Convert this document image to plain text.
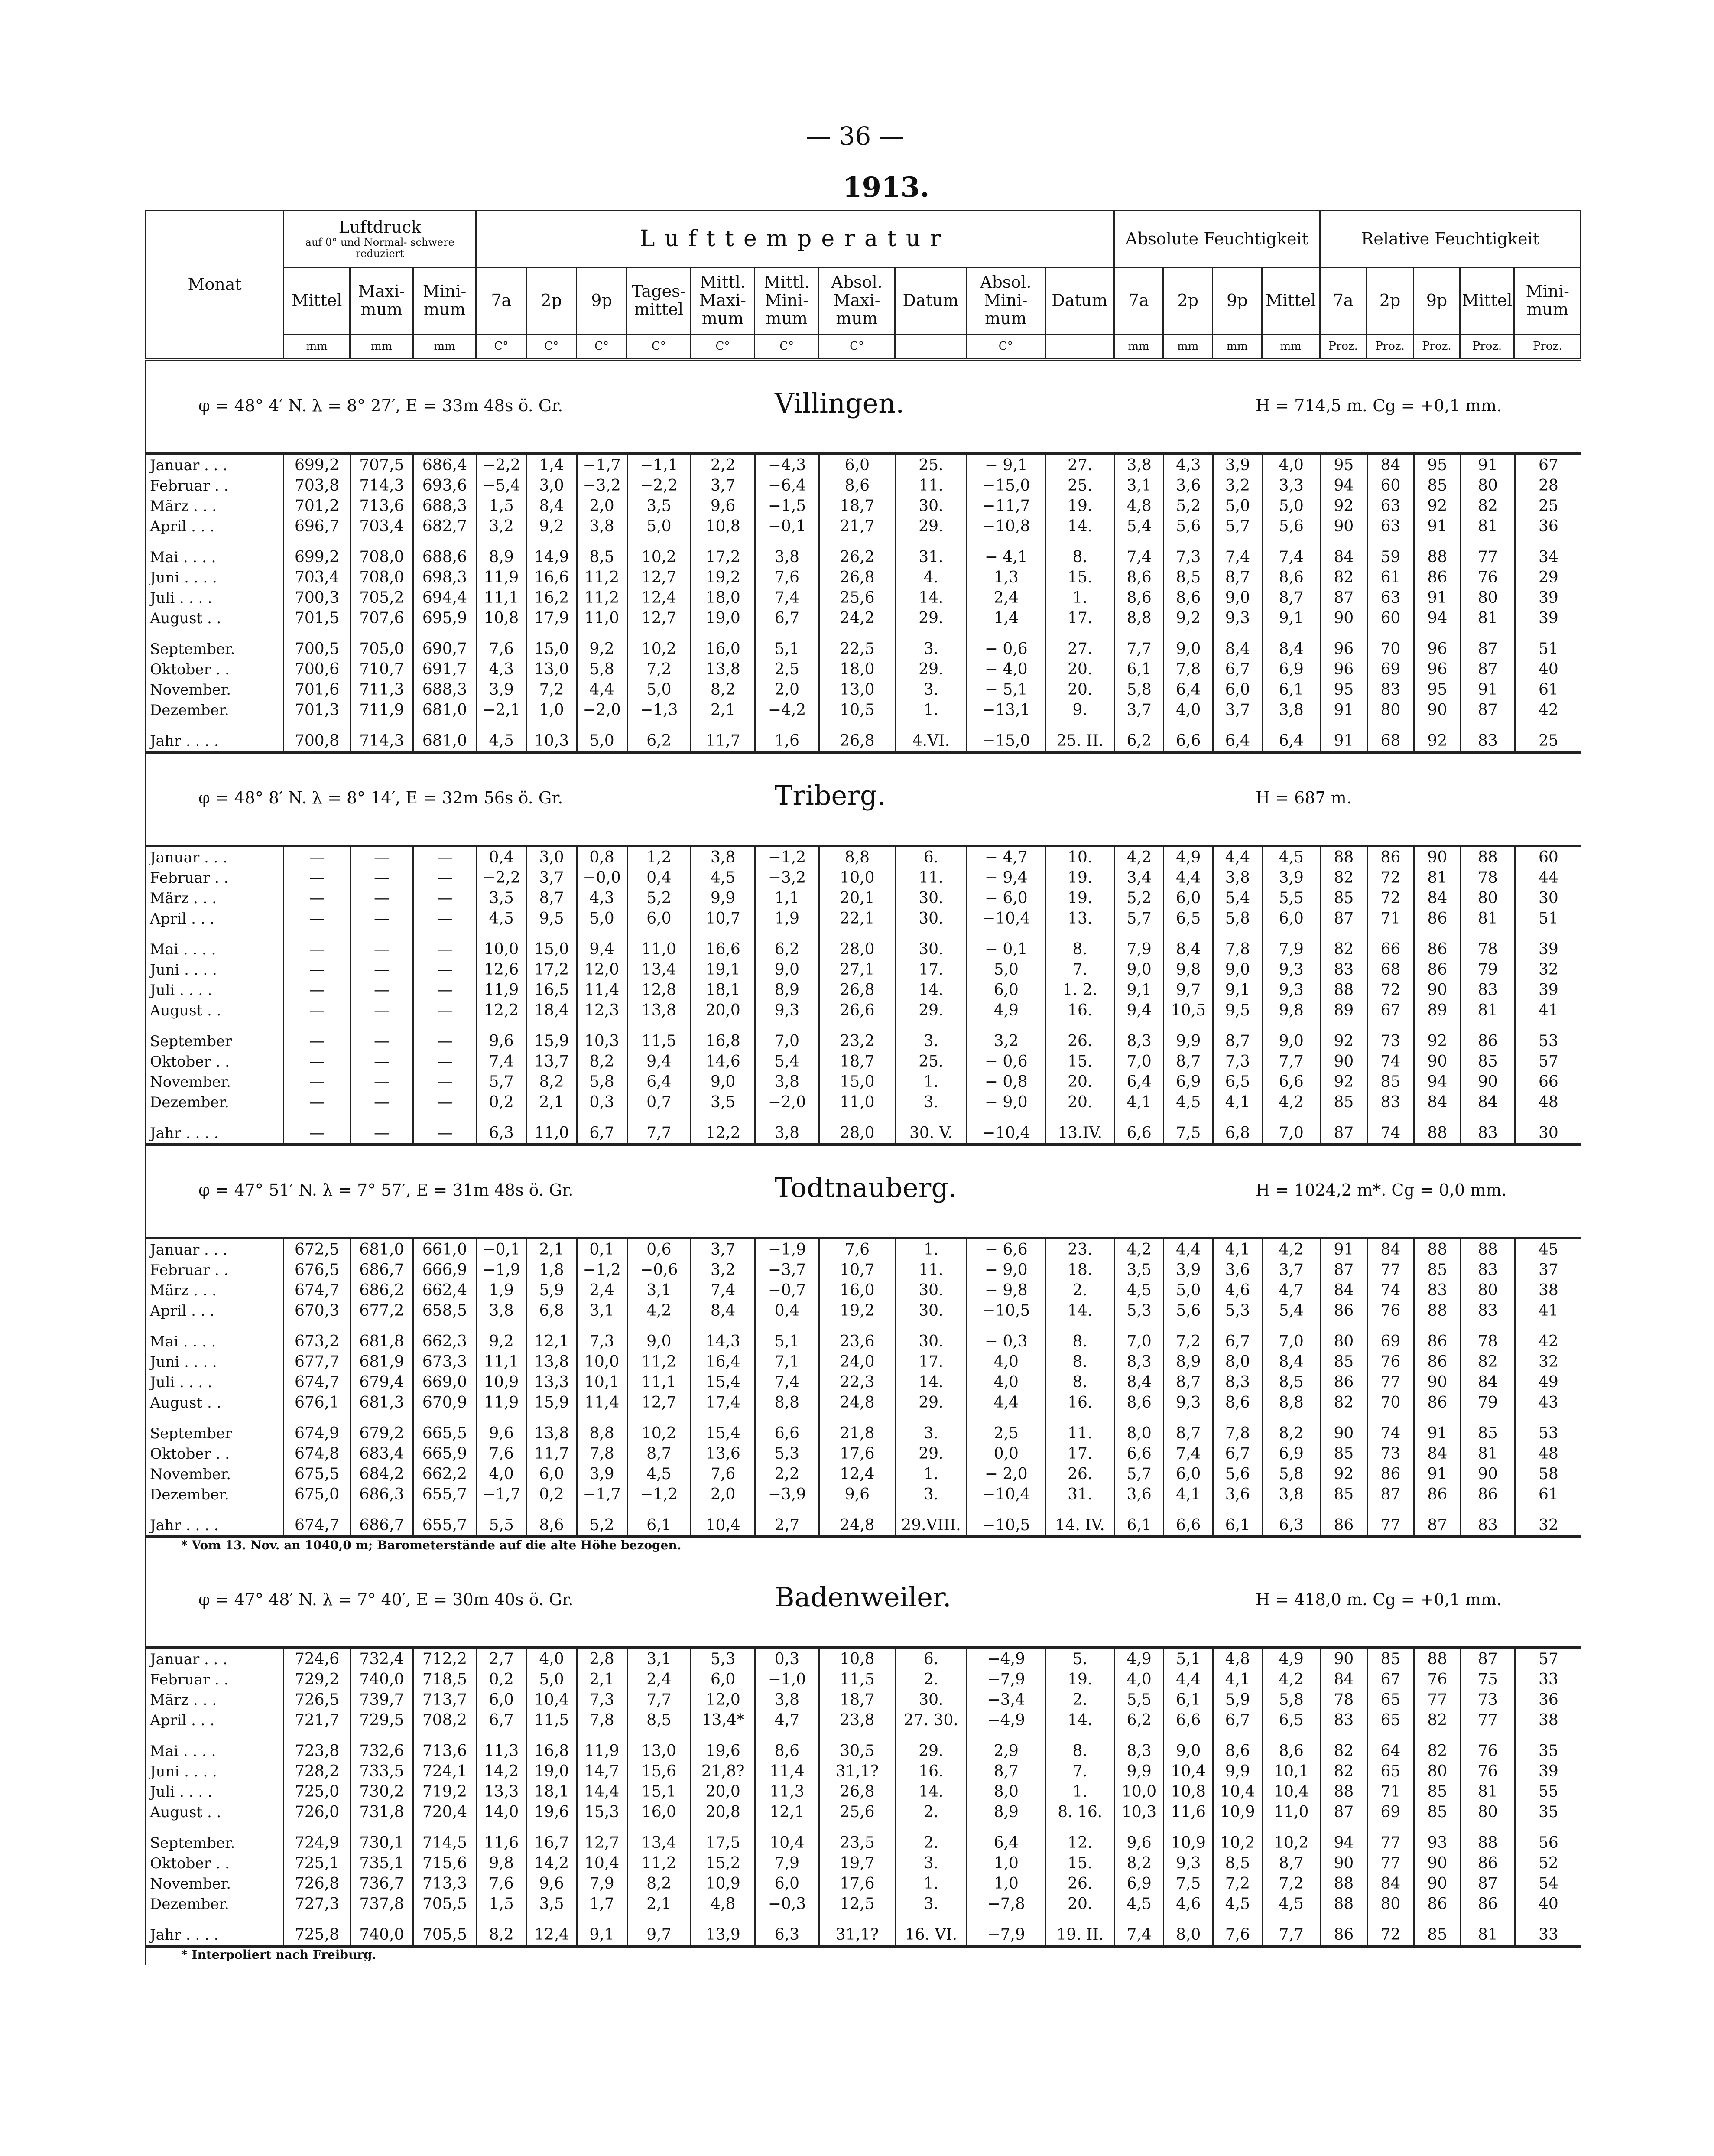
— 36 —
1913.
Monat	Luftdruck
auf 0° und Normal- schwere reduziert			Lufttemperatur										Absolute Feuchtigkeit				Relative Feuchtigkeit				
	Mittel	Maxi- mum	Mini- mum	7a	2p	9p	Tages- mittel	Mittl. Maxi- mum	Mittl. Mini- mum	Absol. Maxi- mum	Datum	Absol. Mini- mum	Datum	7a	2p	9p	Mittel	7a	2p	9p	Mittel	Mini- mum
	mm	mm	mm	C°	C°	C°	C°	C°	C°	C°		C°		mm	mm	mm	mm	Proz.	Proz.	Proz.	Proz.	Proz.
φ = 48° 4′ N. λ = 8° 27′, E = 33m 48s ö. Gr.	Villingen.	H = 714,5 m. Cg = +0,1 mm.
Januar . . .	699,2	707,5	686,4	−2,2	1,4	−1,7	−1,1	2,2	−4,3	6,0	25.	− 9,1	27.	3,8	4,3	3,9	4,0	95	84	95	91	67
Februar . .	703,8	714,3	693,6	−5,4	3,0	−3,2	−2,2	3,7	−6,4	8,6	11.	−15,0	25.	3,1	3,6	3,2	3,3	94	60	85	80	28
März . . .	701,2	713,6	688,3	1,5	8,4	2,0	3,5	9,6	−1,5	18,7	30.	−11,7	19.	4,8	5,2	5,0	5,0	92	63	92	82	25
April . . .	696,7	703,4	682,7	3,2	9,2	3,8	5,0	10,8	−0,1	21,7	29.	−10,8	14.	5,4	5,6	5,7	5,6	90	63	91	81	36
Mai . . . .	699,2	708,0	688,6	8,9	14,9	8,5	10,2	17,2	3,8	26,2	31.	− 4,1	8.	7,4	7,3	7,4	7,4	84	59	88	77	34
Juni . . . .	703,4	708,0	698,3	11,9	16,6	11,2	12,7	19,2	7,6	26,8	4.	1,3	15.	8,6	8,5	8,7	8,6	82	61	86	76	29
Juli . . . .	700,3	705,2	694,4	11,1	16,2	11,2	12,4	18,0	7,4	25,6	14.	2,4	1.	8,6	8,6	9,0	8,7	87	63	91	80	39
August . .	701,5	707,6	695,9	10,8	17,9	11,0	12,7	19,0	6,7	24,2	29.	1,4	17.	8,8	9,2	9,3	9,1	90	60	94	81	39
September.	700,5	705,0	690,7	7,6	15,0	9,2	10,2	16,0	5,1	22,5	3.	− 0,6	27.	7,7	9,0	8,4	8,4	96	70	96	87	51
Oktober . .	700,6	710,7	691,7	4,3	13,0	5,8	7,2	13,8	2,5	18,0	29.	− 4,0	20.	6,1	7,8	6,7	6,9	96	69	96	87	40
November.	701,6	711,3	688,3	3,9	7,2	4,4	5,0	8,2	2,0	13,0	3.	− 5,1	20.	5,8	6,4	6,0	6,1	95	83	95	91	61
Dezember.	701,3	711,9	681,0	−2,1	1,0	−2,0	−1,3	2,1	−4,2	10,5	1.	−13,1	9.	3,7	4,0	3,7	3,8	91	80	90	87	42
Jahr . . . .	700,8	714,3	681,0	4,5	10,3	5,0	6,2	11,7	1,6	26,8	4.VI.	−15,0	25. II.	6,2	6,6	6,4	6,4	91	68	92	83	25
φ = 48° 8′ N. λ = 8° 14′, E = 32m 56s ö. Gr.	Triberg.	H = 687 m.
Januar . . .	—	—	—	0,4	3,0	0,8	1,2	3,8	−1,2	8,8	6.	− 4,7	10.	4,2	4,9	4,4	4,5	88	86	90	88	60
Februar . .	—	—	—	−2,2	3,7	−0,0	0,4	4,5	−3,2	10,0	11.	− 9,4	19.	3,4	4,4	3,8	3,9	82	72	81	78	44
März . . .	—	—	—	3,5	8,7	4,3	5,2	9,9	1,1	20,1	30.	− 6,0	19.	5,2	6,0	5,4	5,5	85	72	84	80	30
April . . .	—	—	—	4,5	9,5	5,0	6,0	10,7	1,9	22,1	30.	−10,4	13.	5,7	6,5	5,8	6,0	87	71	86	81	51
Mai . . . .	—	—	—	10,0	15,0	9,4	11,0	16,6	6,2	28,0	30.	− 0,1	8.	7,9	8,4	7,8	7,9	82	66	86	78	39
Juni . . . .	—	—	—	12,6	17,2	12,0	13,4	19,1	9,0	27,1	17.	5,0	7.	9,0	9,8	9,0	9,3	83	68	86	79	32
Juli . . . .	—	—	—	11,9	16,5	11,4	12,8	18,1	8,9	26,8	14.	6,0	1. 2.	9,1	9,7	9,1	9,3	88	72	90	83	39
August . .	—	—	—	12,2	18,4	12,3	13,8	20,0	9,3	26,6	29.	4,9	16.	9,4	10,5	9,5	9,8	89	67	89	81	41
September	—	—	—	9,6	15,9	10,3	11,5	16,8	7,0	23,2	3.	3,2	26.	8,3	9,9	8,7	9,0	92	73	92	86	53
Oktober . .	—	—	—	7,4	13,7	8,2	9,4	14,6	5,4	18,7	25.	− 0,6	15.	7,0	8,7	7,3	7,7	90	74	90	85	57
November.	—	—	—	5,7	8,2	5,8	6,4	9,0	3,8	15,0	1.	− 0,8	20.	6,4	6,9	6,5	6,6	92	85	94	90	66
Dezember.	—	—	—	0,2	2,1	0,3	0,7	3,5	−2,0	11,0	3.	− 9,0	20.	4,1	4,5	4,1	4,2	85	83	84	84	48
Jahr . . . .	—	—	—	6,3	11,0	6,7	7,7	12,2	3,8	28,0	30. V.	−10,4	13.IV.	6,6	7,5	6,8	7,0	87	74	88	83	30
φ = 47° 51′ N. λ = 7° 57′, E = 31m 48s ö. Gr.	Todtnauberg.	H = 1024,2 m*. Cg = 0,0 mm.
Januar . . .	672,5	681,0	661,0	−0,1	2,1	0,1	0,6	3,7	−1,9	7,6	1.	− 6,6	23.	4,2	4,4	4,1	4,2	91	84	88	88	45
Februar . .	676,5	686,7	666,9	−1,9	1,8	−1,2	−0,6	3,2	−3,7	10,7	11.	− 9,0	18.	3,5	3,9	3,6	3,7	87	77	85	83	37
März . . .	674,7	686,2	662,4	1,9	5,9	2,4	3,1	7,4	−0,7	16,0	30.	− 9,8	2.	4,5	5,0	4,6	4,7	84	74	83	80	38
April . . .	670,3	677,2	658,5	3,8	6,8	3,1	4,2	8,4	0,4	19,2	30.	−10,5	14.	5,3	5,6	5,3	5,4	86	76	88	83	41
Mai . . . .	673,2	681,8	662,3	9,2	12,1	7,3	9,0	14,3	5,1	23,6	30.	− 0,3	8.	7,0	7,2	6,7	7,0	80	69	86	78	42
Juni . . . .	677,7	681,9	673,3	11,1	13,8	10,0	11,2	16,4	7,1	24,0	17.	4,0	8.	8,3	8,9	8,0	8,4	85	76	86	82	32
Juli . . . .	674,7	679,4	669,0	10,9	13,3	10,1	11,1	15,4	7,4	22,3	14.	4,0	8.	8,4	8,7	8,3	8,5	86	77	90	84	49
August . .	676,1	681,3	670,9	11,9	15,9	11,4	12,7	17,4	8,8	24,8	29.	4,4	16.	8,6	9,3	8,6	8,8	82	70	86	79	43
September	674,9	679,2	665,5	9,6	13,8	8,8	10,2	15,4	6,6	21,8	3.	2,5	11.	8,0	8,7	7,8	8,2	90	74	91	85	53
Oktober . .	674,8	683,4	665,9	7,6	11,7	7,8	8,7	13,6	5,3	17,6	29.	0,0	17.	6,6	7,4	6,7	6,9	85	73	84	81	48
November.	675,5	684,2	662,2	4,0	6,0	3,9	4,5	7,6	2,2	12,4	1.	− 2,0	26.	5,7	6,0	5,6	5,8	92	86	91	90	58
Dezember.	675,0	686,3	655,7	−1,7	0,2	−1,7	−1,2	2,0	−3,9	9,6	3.	−10,4	31.	3,6	4,1	3,6	3,8	85	87	86	86	61
Jahr . . . .	674,7	686,7	655,7	5,5	8,6	5,2	6,1	10,4	2,7	24,8	29.VIII.	−10,5	14. IV.	6,1	6,6	6,1	6,3	86	77	87	83	32
* Vom 13. Nov. an 1040,0 m; Barometerstände auf die alte Höhe bezogen.
φ = 47° 48′ N. λ = 7° 40′, E = 30m 40s ö. Gr.	Badenweiler.	H = 418,0 m. Cg = +0,1 mm.
Januar . . .	724,6	732,4	712,2	2,7	4,0	2,8	3,1	5,3	0,3	10,8	6.	−4,9	5.	4,9	5,1	4,8	4,9	90	85	88	87	57
Februar . .	729,2	740,0	718,5	0,2	5,0	2,1	2,4	6,0	−1,0	11,5	2.	−7,9	19.	4,0	4,4	4,1	4,2	84	67	76	75	33
März . . .	726,5	739,7	713,7	6,0	10,4	7,3	7,7	12,0	3,8	18,7	30.	−3,4	2.	5,5	6,1	5,9	5,8	78	65	77	73	36
April . . .	721,7	729,5	708,2	6,7	11,5	7,8	8,5	13,4*	4,7	23,8	27. 30.	−4,9	14.	6,2	6,6	6,7	6,5	83	65	82	77	38
Mai . . . .	723,8	732,6	713,6	11,3	16,8	11,9	13,0	19,6	8,6	30,5	29.	2,9	8.	8,3	9,0	8,6	8,6	82	64	82	76	35
Juni . . . .	728,2	733,5	724,1	14,2	19,0	14,7	15,6	21,8?	11,4	31,1?	16.	8,7	7.	9,9	10,4	9,9	10,1	82	65	80	76	39
Juli . . . .	725,0	730,2	719,2	13,3	18,1	14,4	15,1	20,0	11,3	26,8	14.	8,0	1.	10,0	10,8	10,4	10,4	88	71	85	81	55
August . .	726,0	731,8	720,4	14,0	19,6	15,3	16,0	20,8	12,1	25,6	2.	8,9	8. 16.	10,3	11,6	10,9	11,0	87	69	85	80	35
September.	724,9	730,1	714,5	11,6	16,7	12,7	13,4	17,5	10,4	23,5	2.	6,4	12.	9,6	10,9	10,2	10,2	94	77	93	88	56
Oktober . .	725,1	735,1	715,6	9,8	14,2	10,4	11,2	15,2	7,9	19,7	3.	1,0	15.	8,2	9,3	8,5	8,7	90	77	90	86	52
November.	726,8	736,7	713,3	7,6	9,6	7,9	8,2	10,9	6,0	17,6	1.	1,0	26.	6,9	7,5	7,2	7,2	88	84	90	87	54
Dezember.	727,3	737,8	705,5	1,5	3,5	1,7	2,1	4,8	−0,3	12,5	3.	−7,8	20.	4,5	4,6	4,5	4,5	88	80	86	86	40
Jahr . . . .	725,8	740,0	705,5	8,2	12,4	9,1	9,7	13,9	6,3	31,1?	16. VI.	−7,9	19. II.	7,4	8,0	7,6	7,7	86	72	85	81	33
* Interpoliert nach Freiburg.
